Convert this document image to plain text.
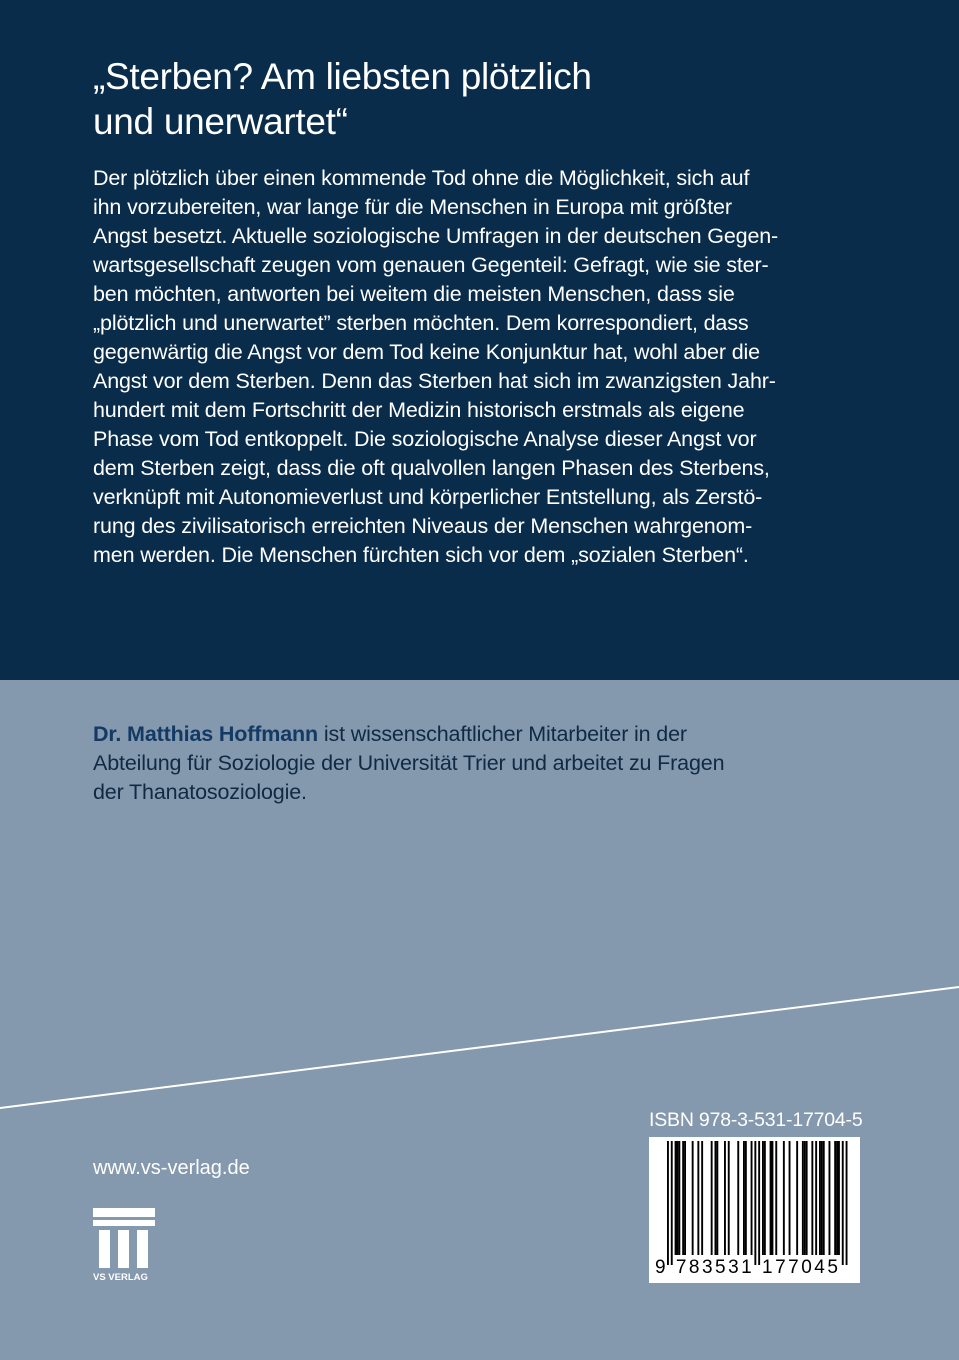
„Sterben? Am liebsten plötzlich
und unerwartet“
Der plötzlich über einen kommende Tod ohne die Möglichkeit, sich auf
ihn vorzubereiten, war lange für die Menschen in Europa mit größter
Angst besetzt. Aktuelle soziologische Umfragen in der deutschen Gegen-
wartsgesellschaft zeugen vom genauen Gegenteil: Gefragt, wie sie ster-
ben möchten, antworten bei weitem die meisten Menschen, dass sie
„plötzlich und unerwartet” sterben möchten. Dem korrespondiert, dass
gegenwärtig die Angst vor dem Tod keine Konjunktur hat, wohl aber die
Angst vor dem Sterben. Denn das Sterben hat sich im zwanzigsten Jahr-
hundert mit dem Fortschritt der Medizin historisch erstmals als eigene
Phase vom Tod entkoppelt. Die soziologische Analyse dieser Angst vor
dem Sterben zeigt, dass die oft qualvollen langen Phasen des Sterbens,
verknüpft mit Autonomieverlust und körperlicher Entstellung, als Zerstö-
rung des zivilisatorisch erreichten Niveaus der Menschen wahrgenom-
men werden. Die Menschen fürchten sich vor dem „sozialen Sterben“.
Dr. Matthias Hoffmann ist wissenschaftlicher Mitarbeiter in der
Abteilung für Soziologie der Universität Trier und arbeitet zu Fragen
der Thanatosoziologie.
www.vs-verlag.de
VS VERLAG
ISBN 978-3-531-17704-5
9 783531 177045
